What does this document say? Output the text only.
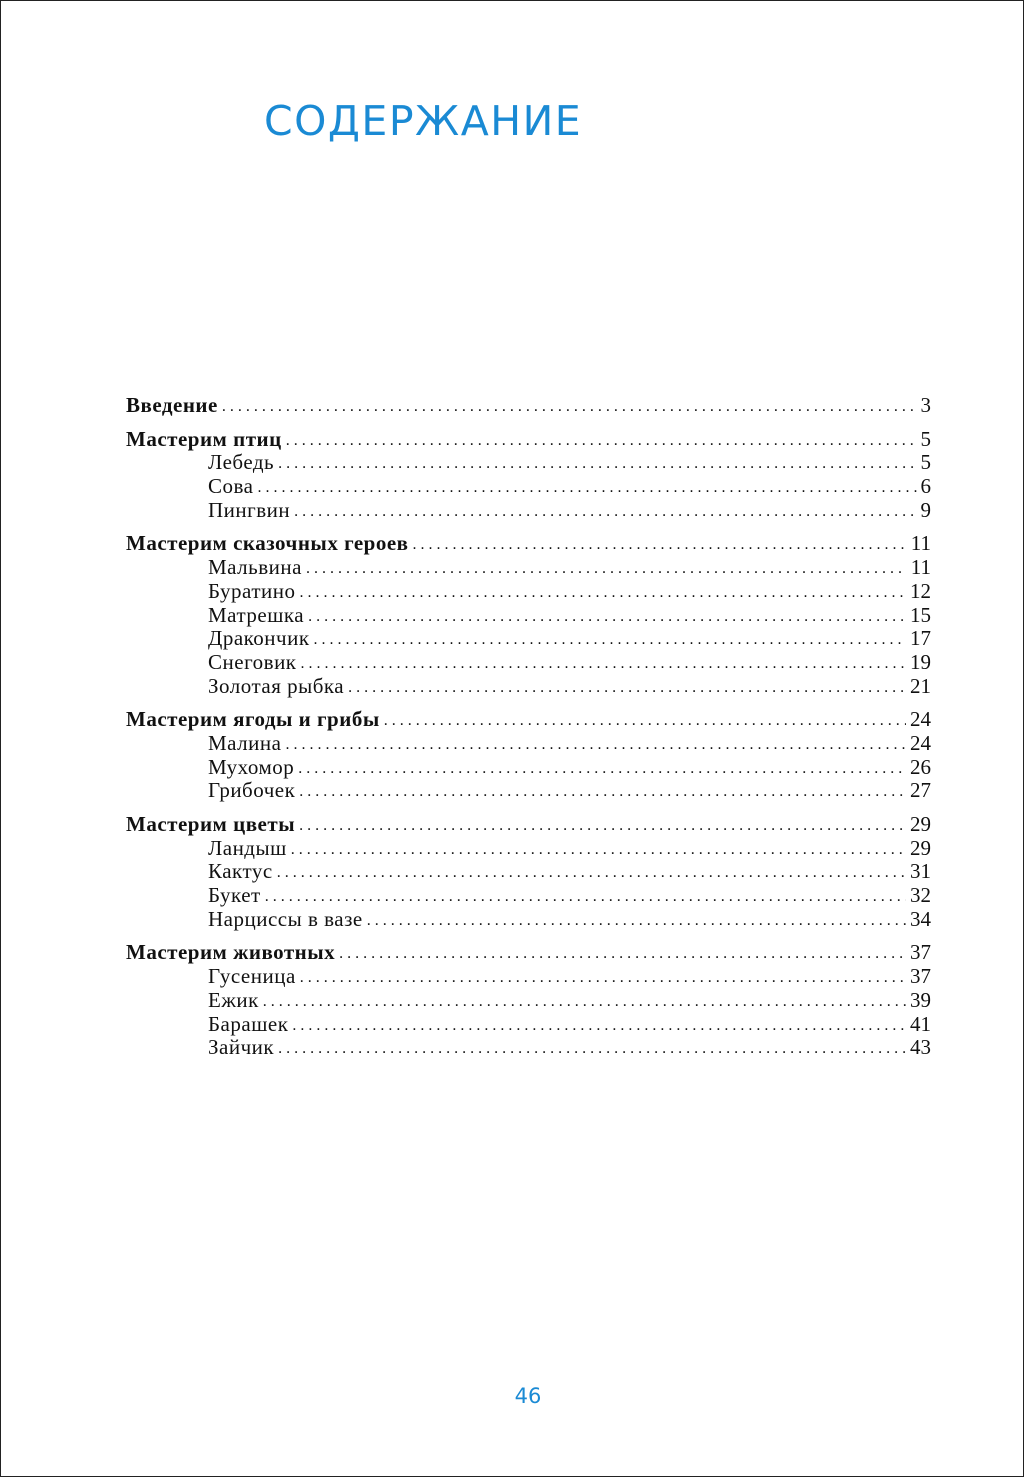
СОДЕРЖАНИЕ
Введение . . .	3
Мастерим птиц . . .	5
Лебедь . . .	5
Сова . . .	6
Пингвин . . .	9
Мастерим сказочных героев . . .	11
Мальвина . . .	11
Буратино . . .	12
Матрешка . . .	15
Дракончик . . .	17
Снеговик . . .	19
Золотая рыбка . . .	21
Мастерим ягоды и грибы . . .	24
Малина . . .	24
Мухомор . . .	26
Грибочек . . .	27
Мастерим цветы . . .	29
Ландыш . . .	29
Кактус . . .	31
Букет . . .	32
Нарциссы в вазе . . .	34
Мастерим животных . . .	37
Гусеница . . .	37
Ежик . . .	39
Барашек . . .	41
Зайчик . . .	43
46
